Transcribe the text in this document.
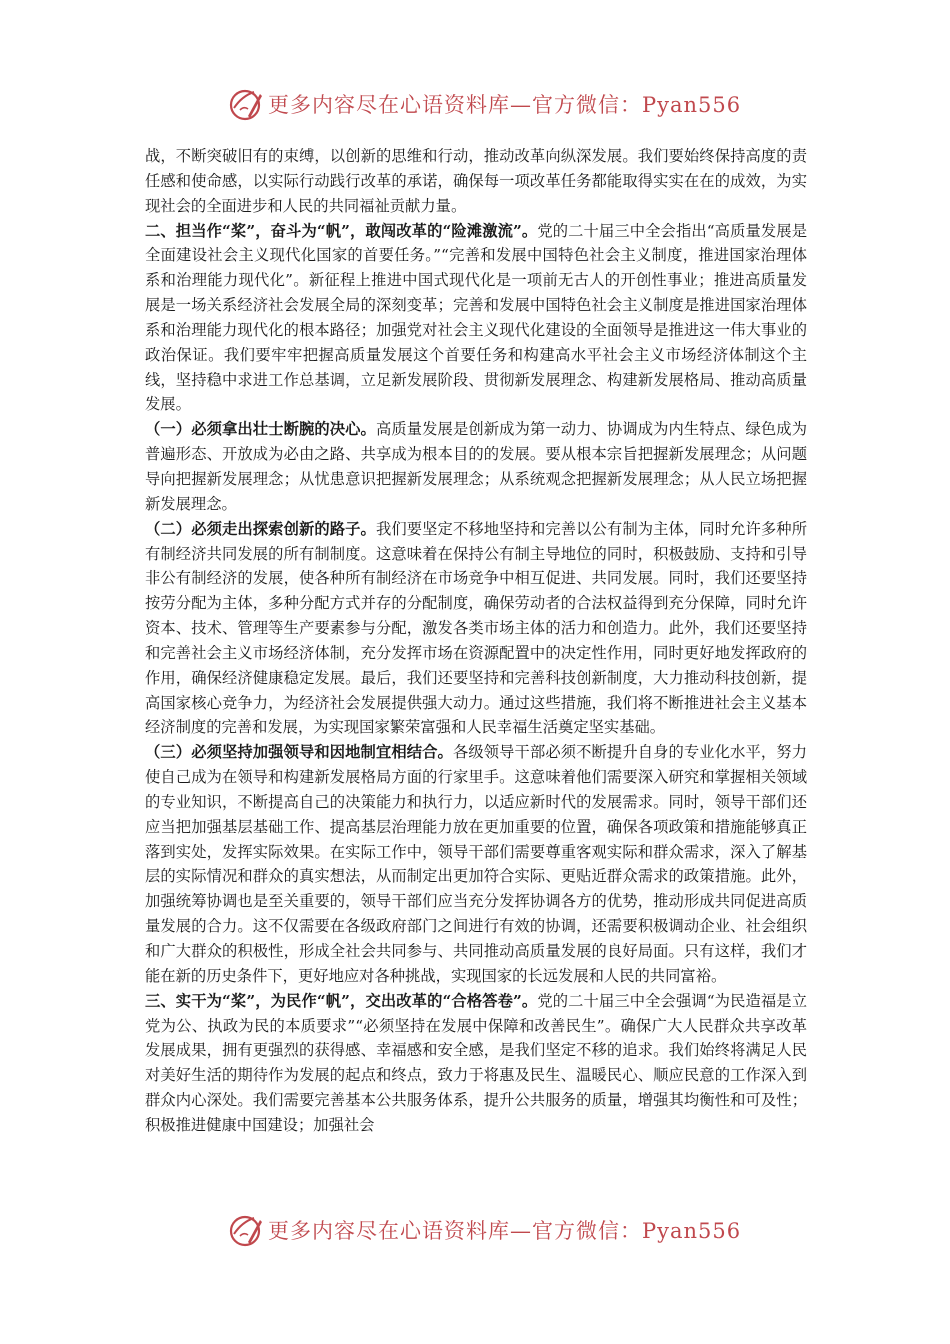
更多内容尽在心语资料库—官方微信：Pyan556

战，不断突破旧有的束缚，以创新的思维和行动，推动改革向纵深发展。我们要始终保持高度的责任感和使命感，以实际行动践行改革的承诺，确保每一项改革任务都能取得实实在在的成效，为实现社会的全面进步和人民的共同福祉贡献力量。

二、担当作“桨”，奋斗为“帆”，敢闯改革的“险滩激流”。党的二十届三中全会指出“高质量发展是全面建设社会主义现代化国家的首要任务。”“完善和发展中国特色社会主义制度，推进国家治理体系和治理能力现代化”。新征程上推进中国式现代化是一项前无古人的开创性事业；推进高质量发展是一场关系经济社会发展全局的深刻变革；完善和发展中国特色社会主义制度是推进国家治理体系和治理能力现代化的根本路径；加强党对社会主义现代化建设的全面领导是推进这一伟大事业的政治保证。我们要牢牢把握高质量发展这个首要任务和构建高水平社会主义市场经济体制这个主线，坚持稳中求进工作总基调，立足新发展阶段、贯彻新发展理念、构建新发展格局、推动高质量发展。

（一）必须拿出壮士断腕的决心。高质量发展是创新成为第一动力、协调成为内生特点、绿色成为普遍形态、开放成为必由之路、共享成为根本目的的发展。要从根本宗旨把握新发展理念；从问题导向把握新发展理念；从忧患意识把握新发展理念；从系统观念把握新发展理念；从人民立场把握新发展理念。

（二）必须走出探索创新的路子。我们要坚定不移地坚持和完善以公有制为主体，同时允许多种所有制经济共同发展的所有制制度。这意味着在保持公有制主导地位的同时，积极鼓励、支持和引导非公有制经济的发展，使各种所有制经济在市场竞争中相互促进、共同发展。同时，我们还要坚持按劳分配为主体，多种分配方式并存的分配制度，确保劳动者的合法权益得到充分保障，同时允许资本、技术、管理等生产要素参与分配，激发各类市场主体的活力和创造力。此外，我们还要坚持和完善社会主义市场经济体制，充分发挥市场在资源配置中的决定性作用，同时更好地发挥政府的作用，确保经济健康稳定发展。最后，我们还要坚持和完善科技创新制度，大力推动科技创新，提高国家核心竞争力，为经济社会发展提供强大动力。通过这些措施，我们将不断推进社会主义基本经济制度的完善和发展，为实现国家繁荣富强和人民幸福生活奠定坚实基础。

（三）必须坚持加强领导和因地制宜相结合。各级领导干部必须不断提升自身的专业化水平，努力使自己成为在领导和构建新发展格局方面的行家里手。这意味着他们需要深入研究和掌握相关领域的专业知识，不断提高自己的决策能力和执行力，以适应新时代的发展需求。同时，领导干部们还应当把加强基层基础工作、提高基层治理能力放在更加重要的位置，确保各项政策和措施能够真正落到实处，发挥实际效果。在实际工作中，领导干部们需要尊重客观实际和群众需求，深入了解基层的实际情况和群众的真实想法，从而制定出更加符合实际、更贴近群众需求的政策措施。此外，加强统筹协调也是至关重要的，领导干部们应当充分发挥协调各方的优势，推动形成共同促进高质量发展的合力。这不仅需要在各级政府部门之间进行有效的协调，还需要积极调动企业、社会组织和广大群众的积极性，形成全社会共同参与、共同推动高质量发展的良好局面。只有这样，我们才能在新的历史条件下，更好地应对各种挑战，实现国家的长远发展和人民的共同富裕。

三、实干为“桨”，为民作“帆”，交出改革的“合格答卷”。党的二十届三中全会强调“为民造福是立党为公、执政为民的本质要求”“必须坚持在发展中保障和改善民生”。确保广大人民群众共享改革发展成果，拥有更强烈的获得感、幸福感和安全感，是我们坚定不移的追求。我们始终将满足人民对美好生活的期待作为发展的起点和终点，致力于将惠及民生、温暖民心、顺应民意的工作深入到群众内心深处。我们需要完善基本公共服务体系，提升公共服务的质量，增强其均衡性和可及性；积极推进健康中国建设；加强社会

更多内容尽在心语资料库—官方微信：Pyan556
